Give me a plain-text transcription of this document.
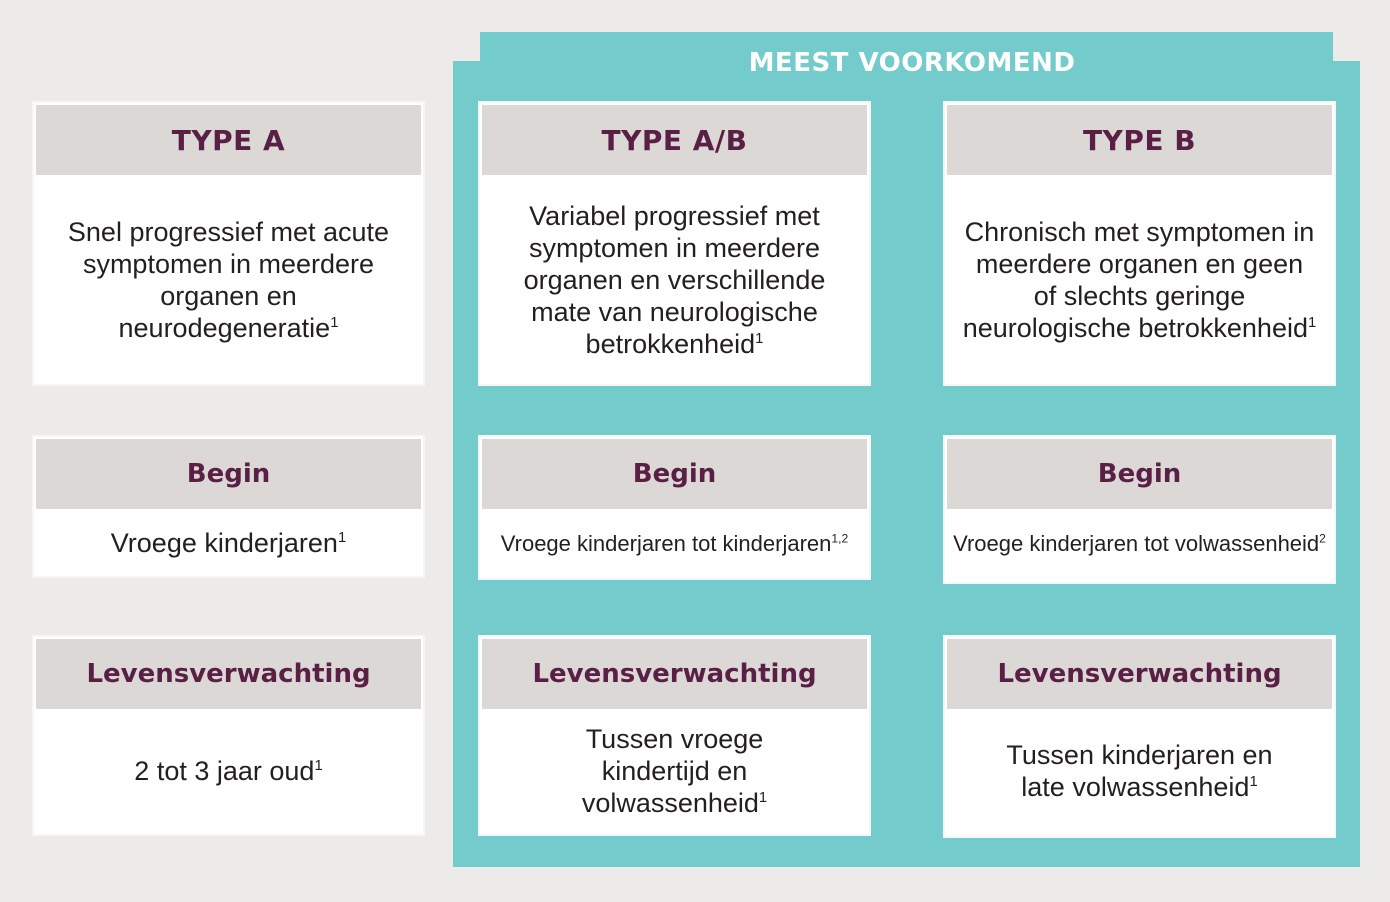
MEEST VOORKOMEND
TYPE A
Snel progressief met acute symptomen in meerdere organen en neurodegeneratie$^1$
Begin
Vroege kinderjaren$^1$
Levensverwachting
2 tot 3 jaar oud$^1$
TYPE A/B
Variabel progressief met symptomen in meerdere organen en verschillende mate van neurologische betrokkenheid$^1$
Begin
Vroege kinderjaren tot kinderjaren$^{1,2}$
Levensverwachting
Tussen vroege kindertijd en volwassenheid$^1$
TYPE B
Chronisch met symptomen in meerdere organen en geen of slechts geringe neurologische betrokkenheid$^1$
Begin
Vroege kinderjaren tot volwassenheid$^2$
Levensverwachting
Tussen kinderjaren en late volwassenheid$^1$
